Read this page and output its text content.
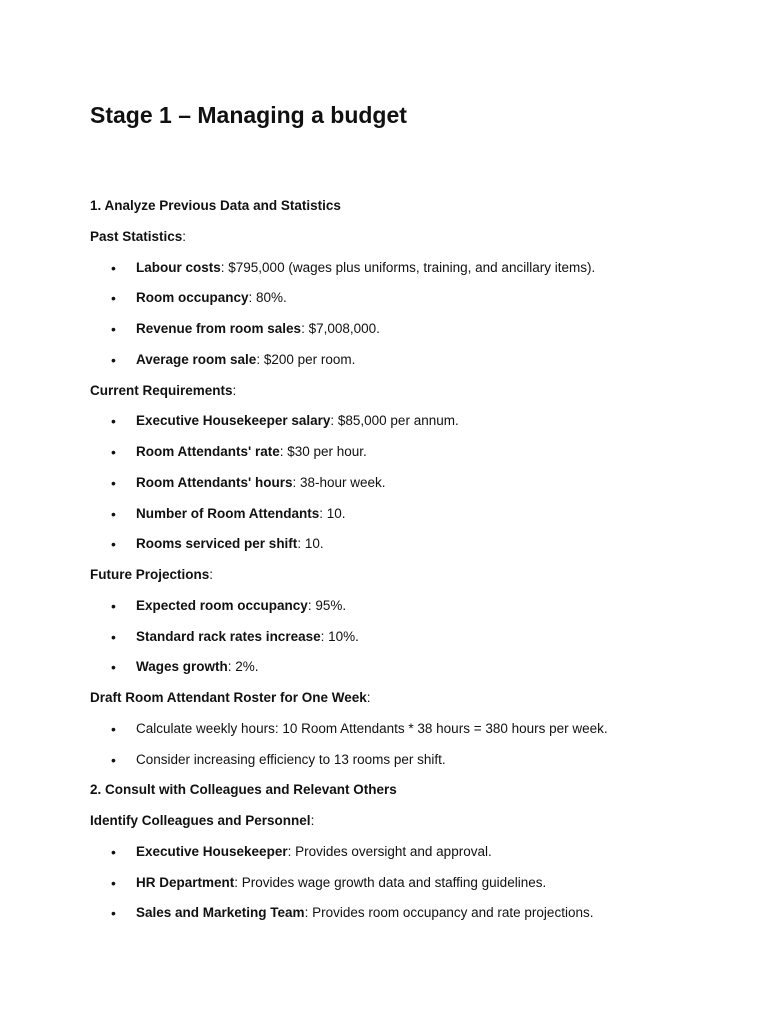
Stage 1 – Managing a budget
1. Analyze Previous Data and Statistics
Past Statistics:
• Labour costs: $795,000 (wages plus uniforms, training, and ancillary items).
• Room occupancy: 80%.
• Revenue from room sales: $7,008,000.
• Average room sale: $200 per room.
Current Requirements:
• Executive Housekeeper salary: $85,000 per annum.
• Room Attendants' rate: $30 per hour.
• Room Attendants' hours: 38-hour week.
• Number of Room Attendants: 10.
• Rooms serviced per shift: 10.
Future Projections:
• Expected room occupancy: 95%.
• Standard rack rates increase: 10%.
• Wages growth: 2%.
Draft Room Attendant Roster for One Week:
• Calculate weekly hours: 10 Room Attendants * 38 hours = 380 hours per week.
• Consider increasing efficiency to 13 rooms per shift.
2. Consult with Colleagues and Relevant Others
Identify Colleagues and Personnel:
• Executive Housekeeper: Provides oversight and approval.
• HR Department: Provides wage growth data and staffing guidelines.
• Sales and Marketing Team: Provides room occupancy and rate projections.
